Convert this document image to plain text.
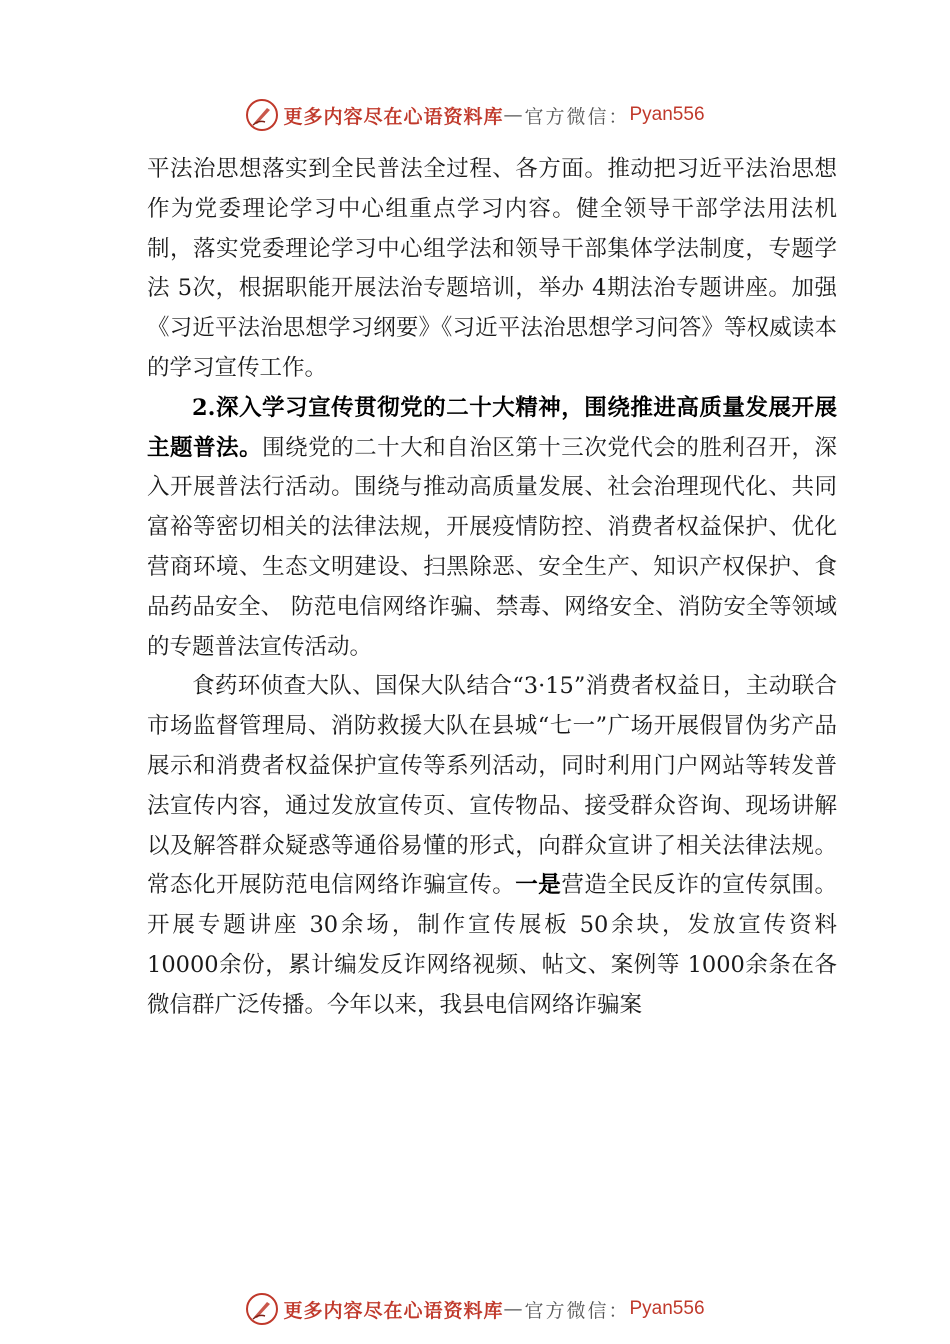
更多内容尽在心语资料库 — 官方微信： Pyan556

平法治思想落实到全民普法全过程、各方面。推动把习近平法治思想作为党委理论学习中心组重点学习内容。健全领导干部学法用法机制，落实党委理论学习中心组学法和领导干部集体学法制度，专题学法 5次，根据职能开展法治专题培训，举办 4期法治专题讲座。加强《习近平法治思想学习纲要》《习近平法治思想学习问答》等权威读本的学习宣传工作。

2.深入学习宣传贯彻党的二十大精神，围绕推进高质量发展开展主题普法。围绕党的二十大和自治区第十三次党代会的胜利召开，深入开展普法行活动。围绕与推动高质量发展、社会治理现代化、共同富裕等密切相关的法律法规，开展疫情防控、消费者权益保护、优化营商环境、生态文明建设、扫黑除恶、安全生产、知识产权保护、食品药品安全、 防范电信网络诈骗、禁毒、网络安全、消防安全等领域的专题普法宣传活动。

食药环侦查大队、国保大队结合“3·15”消费者权益日，主动联合市场监督管理局、消防救援大队在县城“七一”广场开展假冒伪劣产品展示和消费者权益保护宣传等系列活动，同时利用门户网站等转发普法宣传内容，通过发放宣传页、宣传物品、接受群众咨询、现场讲解以及解答群众疑惑等通俗易懂的形式，向群众宣讲了相关法律法规。常态化开展防范电信网络诈骗宣传。一是营造全民反诈的宣传氛围。 开展专题讲座 30余场，制作宣传展板 50余块，发放宣传资料 10000余份，累计编发反诈网络视频、帖文、案例等 1000余条在各微信群广泛传播。今年以来，我县电信网络诈骗案

更多内容尽在心语资料库 — 官方微信： Pyan556
